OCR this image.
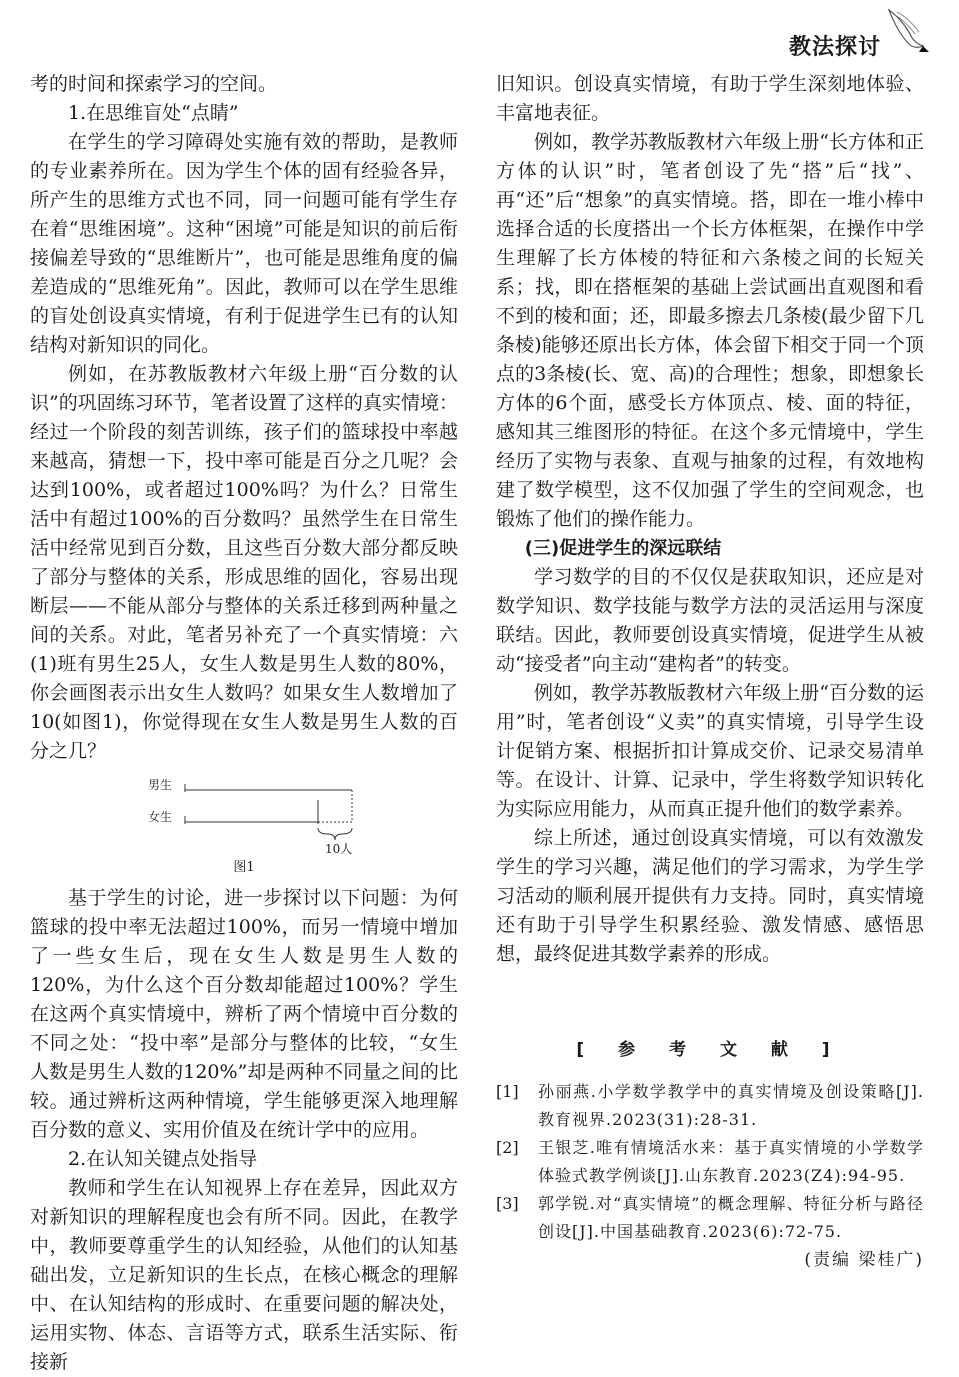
教法探讨

考的时间和探索学习的空间。

1.在思维盲处“点睛”

在学生的学习障碍处实施有效的帮助，是教师的专业素养所在。因为学生个体的固有经验各异，所产生的思维方式也不同，同一问题可能有学生存在着“思维困境”。这种“困境”可能是知识的前后衔接偏差导致的“思维断片”，也可能是思维角度的偏差造成的“思维死角”。因此，教师可以在学生思维的盲处创设真实情境，有利于促进学生已有的认知结构对新知识的同化。

例如，在苏教版教材六年级上册“百分数的认识”的巩固练习环节，笔者设置了这样的真实情境：经过一个阶段的刻苦训练，孩子们的篮球投中率越来越高，猜想一下，投中率可能是百分之几呢？会达到100%，或者超过100%吗？为什么？日常生活中有超过100%的百分数吗？虽然学生在日常生活中经常见到百分数，且这些百分数大部分都反映了部分与整体的关系，形成思维的固化，容易出现断层——不能从部分与整体的关系迁移到两种量之间的关系。对此，笔者另补充了一个真实情境：六(1)班有男生25人，女生人数是男生人数的80%，你会画图表示出女生人数吗？如果女生人数增加了10(如图1)，你觉得现在女生人数是男生人数的百分之几？

男生
女生
10人
图1

基于学生的讨论，进一步探讨以下问题：为何篮球的投中率无法超过100%，而另一情境中增加了一些女生后，现在女生人数是男生人数的120%，为什么这个百分数却能超过100%？学生在这两个真实情境中，辨析了两个情境中百分数的不同之处：“投中率”是部分与整体的比较，“女生人数是男生人数的120%”却是两种不同量之间的比较。通过辨析这两种情境，学生能够更深入地理解百分数的意义、实用价值及在统计学中的应用。

2.在认知关键点处指导

教师和学生在认知视界上存在差异，因此双方对新知识的理解程度也会有所不同。因此，在教学中，教师要尊重学生的认知经验，从他们的认知基础出发，立足新知识的生长点，在核心概念的理解中、在认知结构的形成时、在重要问题的解决处，运用实物、体态、言语等方式，联系生活实际、衔接新

旧知识。创设真实情境，有助于学生深刻地体验、丰富地表征。

例如，教学苏教版教材六年级上册“长方体和正方体的认识”时，笔者创设了先“搭”后“找”、再“还”后“想象”的真实情境。搭，即在一堆小棒中选择合适的长度搭出一个长方体框架，在操作中学生理解了长方体棱的特征和六条棱之间的长短关系；找，即在搭框架的基础上尝试画出直观图和看不到的棱和面；还，即最多擦去几条棱(最少留下几条棱)能够还原出长方体，体会留下相交于同一个顶点的3条棱(长、宽、高)的合理性；想象，即想象长方体的6个面，感受长方体顶点、棱、面的特征，感知其三维图形的特征。在这个多元情境中，学生经历了实物与表象、直观与抽象的过程，有效地构建了数学模型，这不仅加强了学生的空间观念，也锻炼了他们的操作能力。

(三)促进学生的深远联结

学习数学的目的不仅仅是获取知识，还应是对数学知识、数学技能与数学方法的灵活运用与深度联结。因此，教师要创设真实情境，促进学生从被动“接受者”向主动“建构者”的转变。

例如，教学苏教版教材六年级上册“百分数的运用”时，笔者创设“义卖”的真实情境，引导学生设计促销方案、根据折扣计算成交价、记录交易清单等。在设计、计算、记录中，学生将数学知识转化为实际应用能力，从而真正提升他们的数学素养。

综上所述，通过创设真实情境，可以有效激发学生的学习兴趣，满足他们的学习需求，为学生学习活动的顺利展开提供有力支持。同时，真实情境还有助于引导学生积累经验、激发情感、感悟思想，最终促进其数学素养的形成。

[ 参 考 文 献 ]
[1]	孙丽燕.小学数学教学中的真实情境及创设策略[J].教育视界.2023(31):28-31.
[2]	王银芝.唯有情境活水来：基于真实情境的小学数学体验式教学例谈[J].山东教育.2023(Z4):94-95.
[3]	郭学锐.对“真实情境”的概念理解、特征分析与路径创设[J].中国基础教育.2023(6):72-75.

(责编 梁桂广)
